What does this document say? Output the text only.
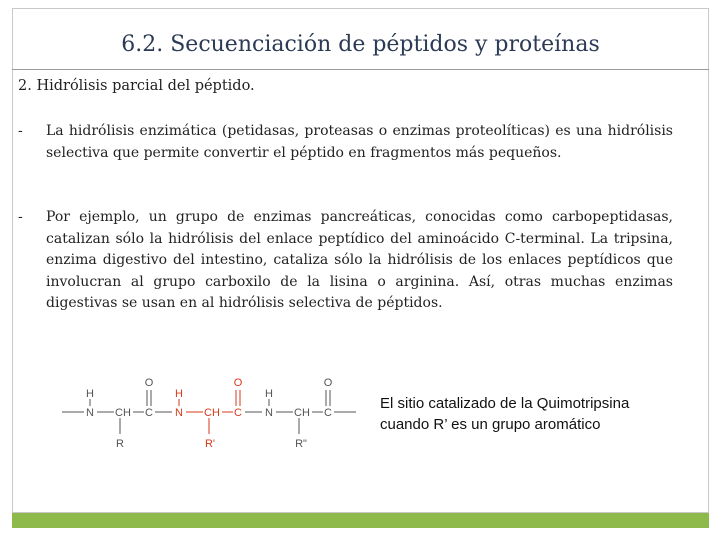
6.2. Secuenciación de péptidos y proteínas
2. Hidrólisis parcial del péptido.
- La hidrólisis enzimática (petidasas, proteasas o enzimas proteolíticas) es una hidrólisis selectiva que permite convertir el péptido en fragmentos más pequeños.
- Por ejemplo, un grupo de enzimas pancreáticas, conocidas como carbopeptidasas, catalizan sólo la hidrólisis del enlace peptídico del aminoácido C-terminal. La tripsina, enzima digestivo del intestino, cataliza sólo la hidrólisis de los enlaces peptídicos que involucran al grupo carboxilo de la lisina o arginina. Así, otras muchas enzimas digestivas se usan en al hidrólisis selectiva de péptidos.
H
N CH
R
C
O
H
N CH
R'
C
O
H
N CH
R"
C
O
El sitio catalizado de la Quimotripsina
cuando R’ es un grupo aromático
